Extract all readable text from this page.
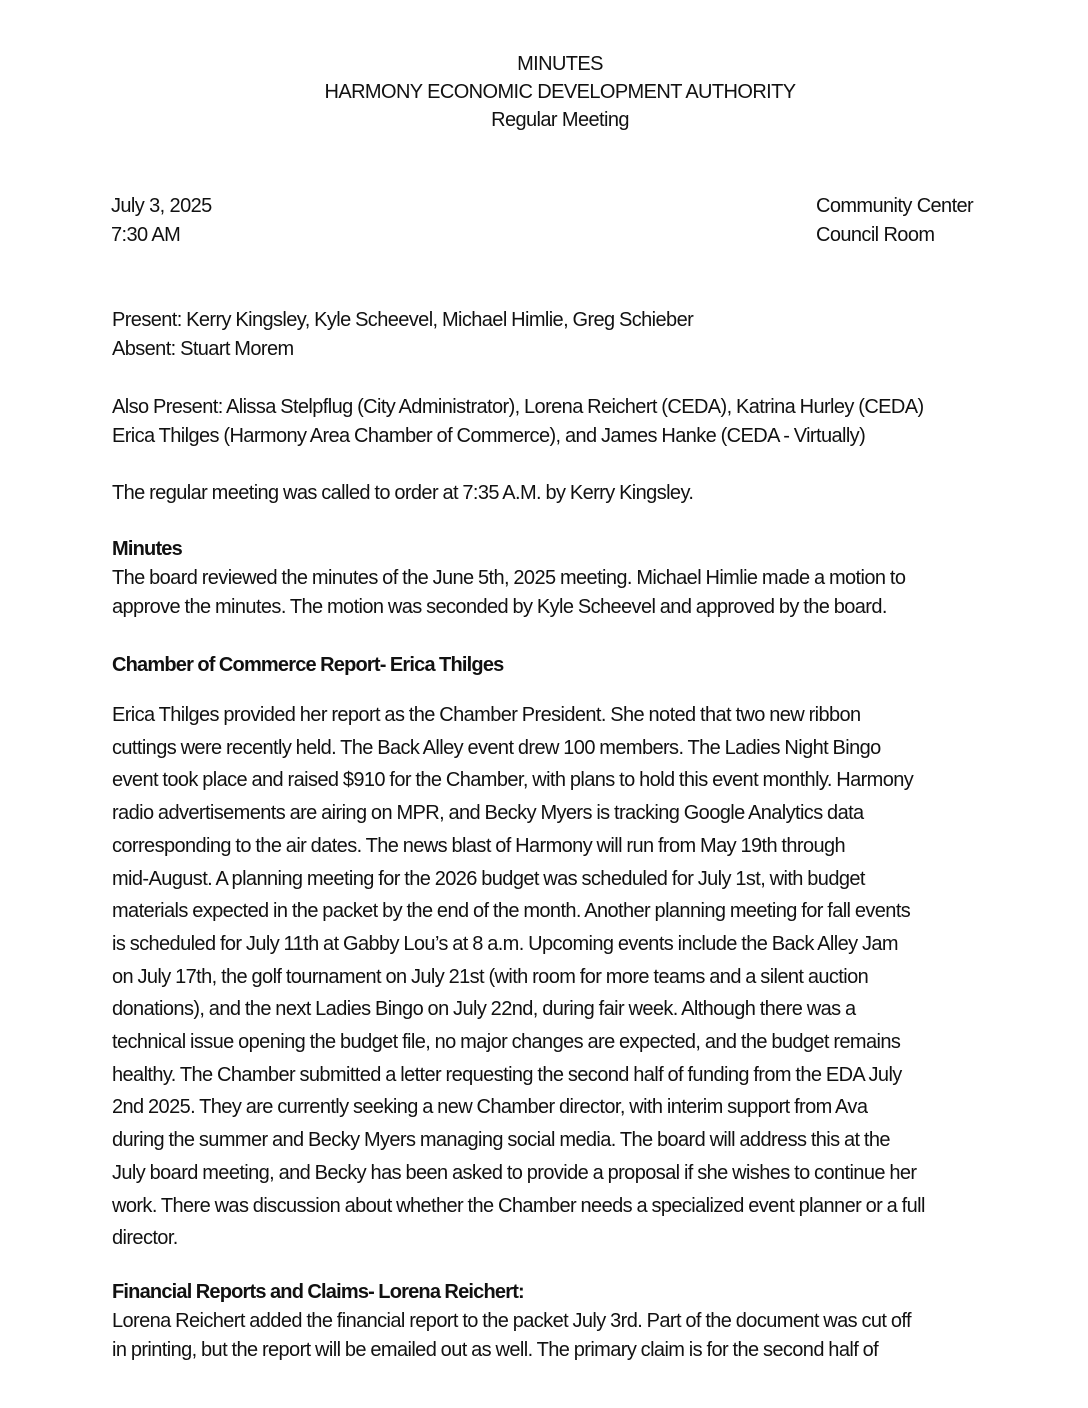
MINUTES
HARMONY ECONOMIC DEVELOPMENT AUTHORITY
Regular Meeting
July 3, 2025
7:30 AM
Community Center
Council Room
Present: Kerry Kingsley, Kyle Scheevel, Michael Himlie, Greg Schieber
Absent: Stuart Morem
Also Present: Alissa Stelpflug (City Administrator), Lorena Reichert (CEDA), Katrina Hurley (CEDA)
Erica Thilges (Harmony Area Chamber of Commerce), and James Hanke (CEDA - Virtually)
The regular meeting was called to order at 7:35 A.M. by Kerry Kingsley.
Minutes
The board reviewed the minutes of the June 5th, 2025 meeting. Michael Himlie made a motion to
approve the minutes. The motion was seconded by Kyle Scheevel and approved by the board.
Chamber of Commerce Report- Erica Thilges
Erica Thilges provided her report as the Chamber President. She noted that two new ribbon
cuttings were recently held. The Back Alley event drew 100 members. The Ladies Night Bingo
event took place and raised $910 for the Chamber, with plans to hold this event monthly. Harmony
radio advertisements are airing on MPR, and Becky Myers is tracking Google Analytics data
corresponding to the air dates. The news blast of Harmony will run from May 19th through
mid-August. A planning meeting for the 2026 budget was scheduled for July 1st, with budget
materials expected in the packet by the end of the month. Another planning meeting for fall events
is scheduled for July 11th at Gabby Lou’s at 8 a.m. Upcoming events include the Back Alley Jam
on July 17th, the golf tournament on July 21st (with room for more teams and a silent auction
donations), and the next Ladies Bingo on July 22nd, during fair week. Although there was a
technical issue opening the budget file, no major changes are expected, and the budget remains
healthy. The Chamber submitted a letter requesting the second half of funding from the EDA July
2nd 2025. They are currently seeking a new Chamber director, with interim support from Ava
during the summer and Becky Myers managing social media. The board will address this at the
July board meeting, and Becky has been asked to provide a proposal if she wishes to continue her
work. There was discussion about whether the Chamber needs a specialized event planner or a full
director.
Financial Reports and Claims- Lorena Reichert:
Lorena Reichert added the financial report to the packet July 3rd. Part of the document was cut off
in printing, but the report will be emailed out as well. The primary claim is for the second half of
